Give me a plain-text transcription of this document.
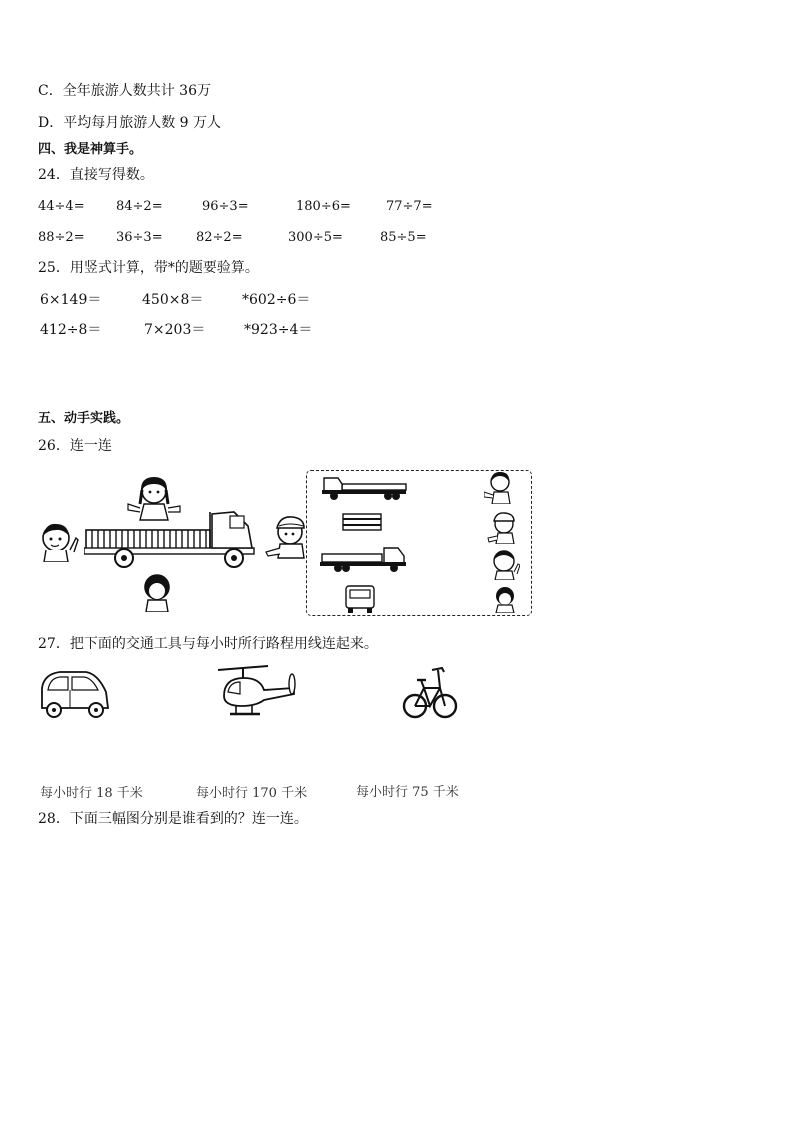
C．全年旅游人数共计 36万
D．平均每月旅游人数 9 万人
四、我是神算手。
24．直接写得数。
44÷4= 84÷2=	96÷3=	180÷6=	77÷7=
88÷2= 36÷3=	82÷2=	300÷5=	85÷5=
25．用竖式计算，带*的题要验算。
6×149＝	450×8＝	*602÷6＝
412÷8＝	7×203＝	*923÷4＝
五、动手实践。
26．连一连
27．把下面的交通工具与每小时所行路程用线连起来。
每小时行 18 千米	每小时行 170 千米	每小时行 75 千米
28．下面三幅图分别是谁看到的？连一连。
